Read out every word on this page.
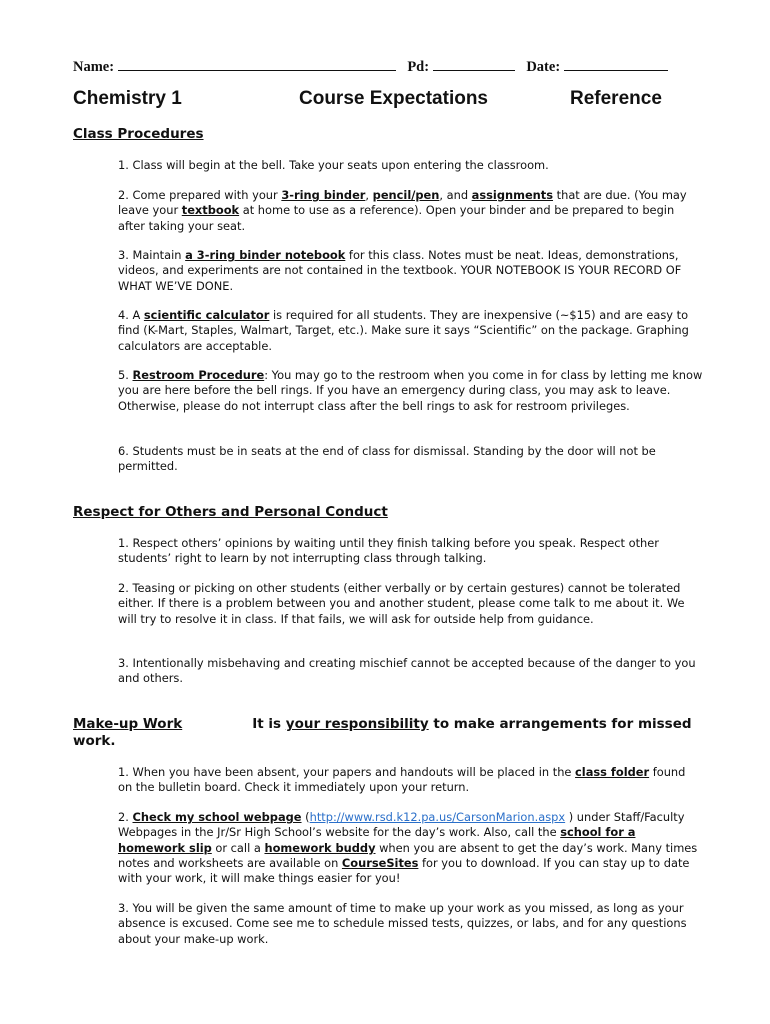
Name:	Pd:	Date:
Chemistry 1	Course Expectations	Reference
Class Procedures
1. Class will begin at the bell. Take your seats upon entering the classroom.
2. Come prepared with your 3-ring binder, pencil/pen, and assignments that are due. (You may leave your textbook at home to use as a reference). Open your binder and be prepared to begin after taking your seat.
3. Maintain a 3-ring binder notebook for this class. Notes must be neat. Ideas, demonstrations, videos, and experiments are not contained in the textbook. YOUR NOTEBOOK IS YOUR RECORD OF WHAT WE’VE DONE.
4. A scientific calculator is required for all students. They are inexpensive (~$15) and are easy to find (K-Mart, Staples, Walmart, Target, etc.). Make sure it says “Scientific” on the package. Graphing calculators are acceptable.
5. Restroom Procedure: You may go to the restroom when you come in for class by letting me know you are here before the bell rings. If you have an emergency during class, you may ask to leave. Otherwise, please do not interrupt class after the bell rings to ask for restroom privileges.
6. Students must be in seats at the end of class for dismissal. Standing by the door will not be permitted.
Respect for Others and Personal Conduct
1. Respect others’ opinions by waiting until they finish talking before you speak. Respect other students’ right to learn by not interrupting class through talking.
2. Teasing or picking on other students (either verbally or by certain gestures) cannot be tolerated either. If there is a problem between you and another student, please come talk to me about it. We will try to resolve it in class. If that fails, we will ask for outside help from guidance.
3. Intentionally misbehaving and creating mischief cannot be accepted because of the danger to you and others.
Make-up Work	It is your responsibility to make arrangements for missed work.
1. When you have been absent, your papers and handouts will be placed in the class folder found on the bulletin board. Check it immediately upon your return.
2. Check my school webpage (http://www.rsd.k12.pa.us/CarsonMarion.aspx ) under Staff/Faculty Webpages in the Jr/Sr High School’s website for the day’s work. Also, call the school for a homework slip or call a homework buddy when you are absent to get the day’s work. Many times notes and worksheets are available on CourseSites for you to download. If you can stay up to date with your work, it will make things easier for you!
3. You will be given the same amount of time to make up your work as you missed, as long as your absence is excused. Come see me to schedule missed tests, quizzes, or labs, and for any questions about your make-up work.
